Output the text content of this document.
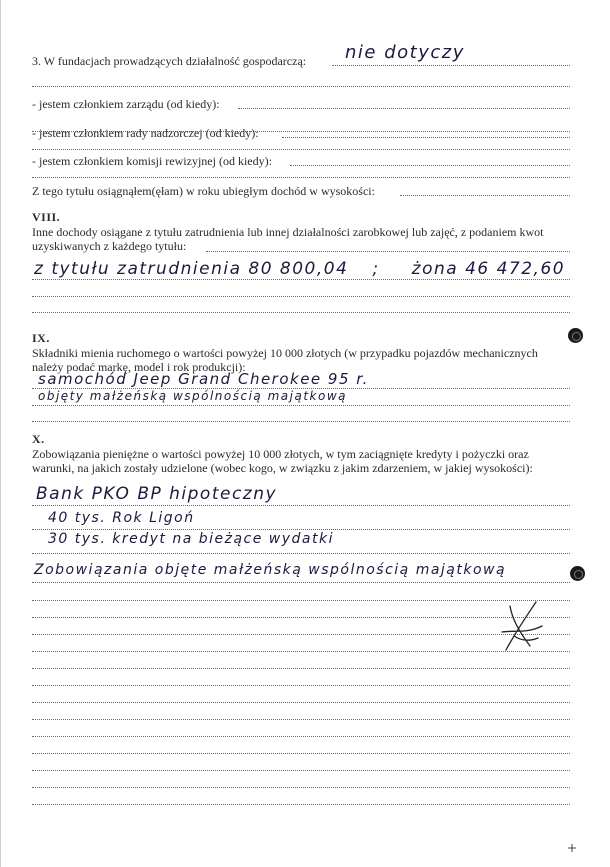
3. W fundacjach prowadzących działalność gospodarczą:	nie dotyczy
- jestem członkiem zarządu (od kiedy):
- jestem członkiem rady nadzorczej (od kiedy):
- jestem członkiem komisji rewizyjnej (od kiedy):
Z tego tytułu osiągnąłem(ęłam) w roku ubiegłym dochód w wysokości:
VIII.
Inne dochody osiągane z tytułu zatrudnienia lub innej działalności zarobkowej lub zajęć, z podaniem kwot
uzyskiwanych z każdego tytułu:
z tytułu zatrudnienia 80 800,04 ; żona 46 472,60
IX.
Składniki mienia ruchomego o wartości powyżej 10 000 złotych (w przypadku pojazdów mechanicznych
należy podać markę, model i rok produkcji):
samochód Jeep Grand Cherokee 95 r.
objęty małżeńską wspólnością majątkową
X.
Zobowiązania pieniężne o wartości powyżej 10 000 złotych, w tym zaciągnięte kredyty i pożyczki oraz
warunki, na jakich zostały udzielone (wobec kogo, w związku z jakim zdarzeniem, w jakiej wysokości):
Bank PKO BP hipoteczny
40 tys. Rok Ligoń
30 tys. kredyt na bieżące wydatki
Zobowiązania objęte małżeńską wspólnością majątkową
